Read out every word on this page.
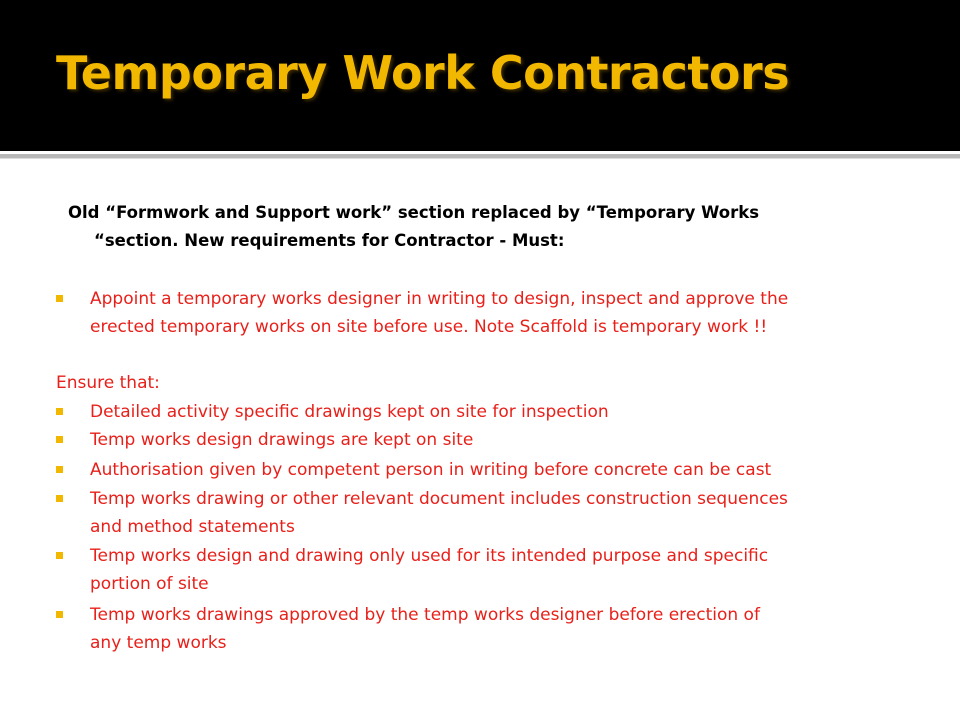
Temporary Work Contractors

Old “Formwork and Support work” section replaced by “Temporary Works
“section. New requirements for Contractor - Must:

Appoint a temporary works designer in writing to design, inspect and approve the
erected temporary works on site before use. Note Scaffold is temporary work !!

Ensure that:

Detailed activity specific drawings kept on site for inspection
Temp works design drawings are kept on site
Authorisation given by competent person in writing before concrete can be cast
Temp works drawing or other relevant document includes construction sequences
and method statements
Temp works design and drawing only used for its intended purpose and specific
portion of site
Temp works drawings approved by the temp works designer before erection of
any temp works
